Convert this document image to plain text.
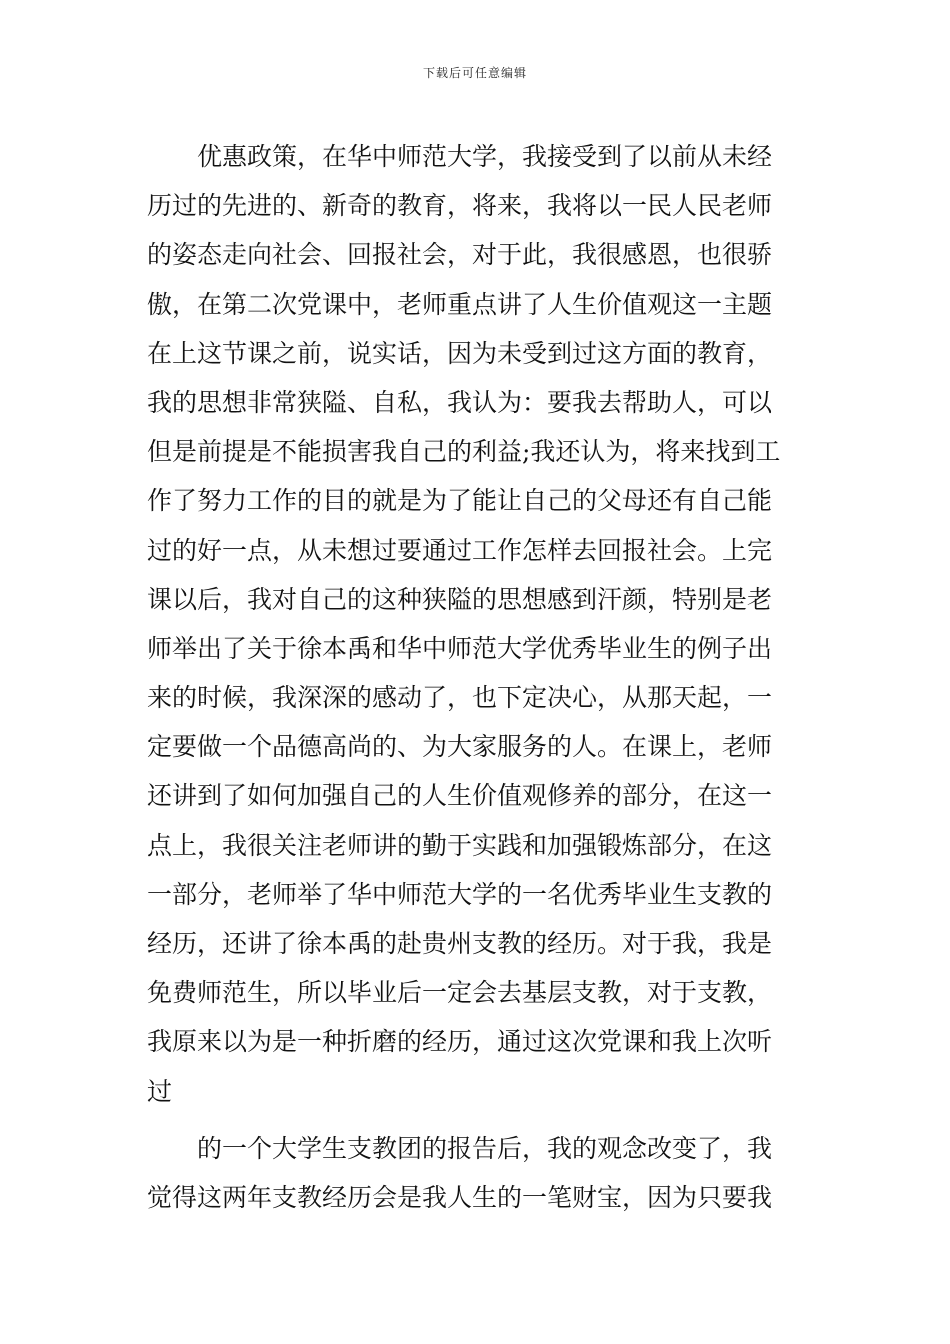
下载后可任意编辑
优惠政策，在华中师范大学，我接受到了以前从未经
历过的先进的、新奇的教育，将来，我将以一民人民老师
的姿态走向社会、回报社会，对于此，我很感恩，也很骄
傲，在第二次党课中，老师重点讲了人生价值观这一主题
在上这节课之前，说实话，因为未受到过这方面的教育，
我的思想非常狭隘、自私，我认为：要我去帮助人，可以
但是前提是不能损害我自己的利益;我还认为，将来找到工
作了努力工作的目的就是为了能让自己的父母还有自己能
过的好一点，从未想过要通过工作怎样去回报社会。上完
课以后，我对自己的这种狭隘的思想感到汗颜，特别是老
师举出了关于徐本禹和华中师范大学优秀毕业生的例子出
来的时候，我深深的感动了，也下定决心，从那天起，一
定要做一个品德高尚的、为大家服务的人。在课上，老师
还讲到了如何加强自己的人生价值观修养的部分，在这一
点上，我很关注老师讲的勤于实践和加强锻炼部分，在这
一部分，老师举了华中师范大学的一名优秀毕业生支教的
经历，还讲了徐本禹的赴贵州支教的经历。对于我，我是
免费师范生，所以毕业后一定会去基层支教，对于支教，
我原来以为是一种折磨的经历，通过这次党课和我上次听
过
的一个大学生支教团的报告后，我的观念改变了，我
觉得这两年支教经历会是我人生的一笔财宝，因为只要我
